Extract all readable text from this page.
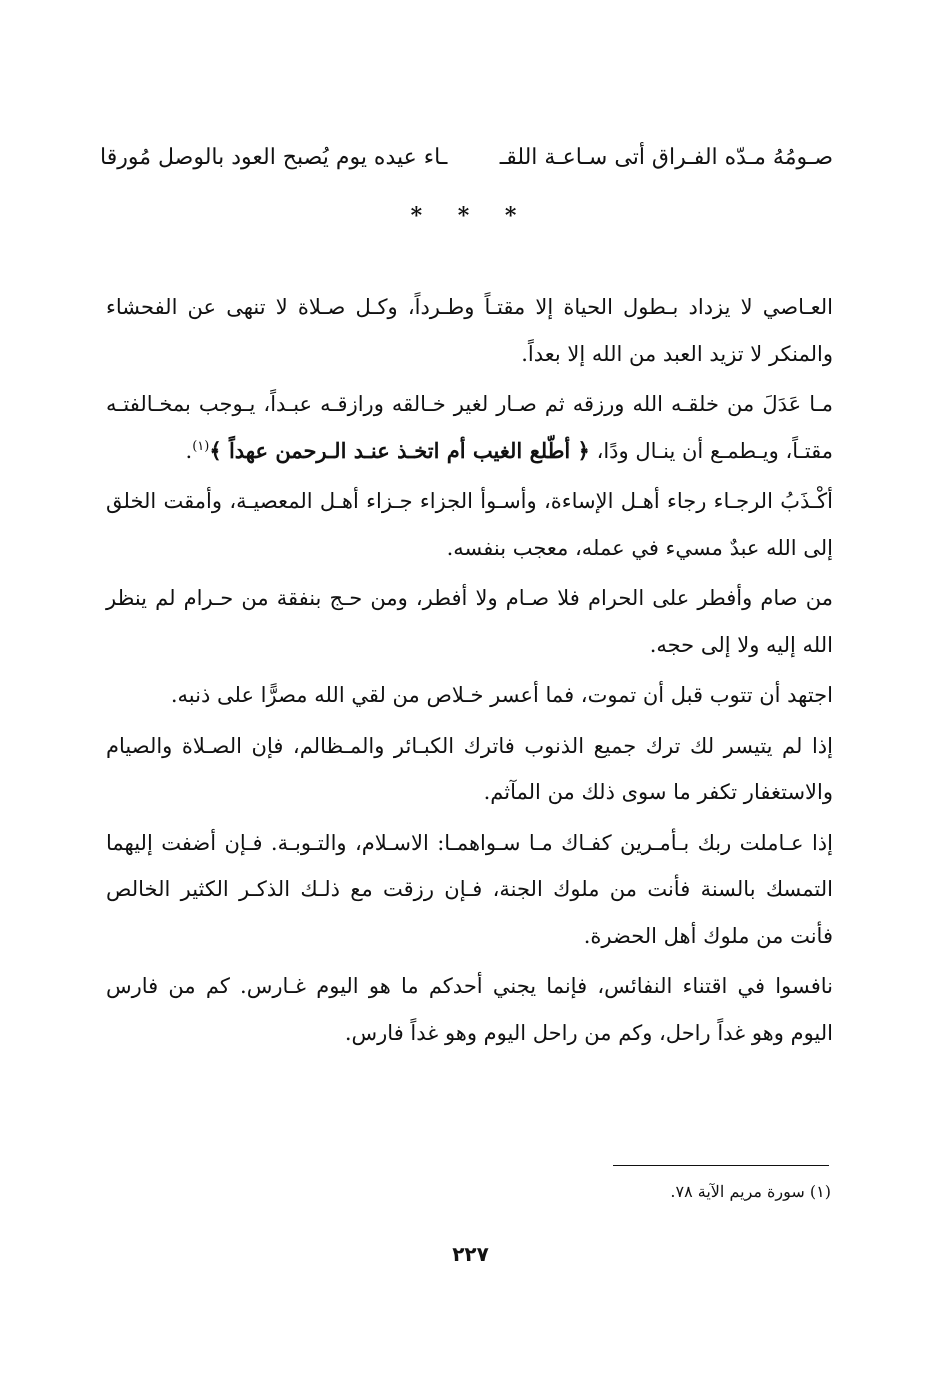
صـومُهُ مـدّه الفـراق أتى سـاعـة اللقـ
ـاء عيده يوم يُصبح العود بالوصل مُورقا
* * *

العـاصي لا يزداد بـطول الحياة إلا مقتـاً وطـرداً، وكـل صـلاة لا تنهى عن الفحشاء والمنكر لا تزيد العبد من الله إلا بعداً.

مـا عَدَلَ من خلقـه الله ورزقه ثم صـار لغير خـالقه ورازقـه عبـداً، يـوجب بمخـالفتـه مقتـاً، ويـطمـع أن ينـال ودًا، ﴿ أطّلع الغيب أم اتخـذ عنـد الـرحمن عهداً ﴾$^{(١)}$.

أكْـذَبُ الرجـاء رجاء أهـل الإساءة، وأسـوأ الجزاء جـزاء أهـل المعصيـة، وأمقت الخلق إلى الله عبدٌ مسيء في عمله، معجب بنفسه.

من صام وأفطر على الحرام فلا صـام ولا أفطر، ومن حـج بنفقة من حـرام لم ينظر الله إليه ولا إلى حجه.

اجتهد أن تتوب قبل أن تموت، فما أعسر خـلاص من لقي الله مصرًّا على ذنبه.

إذا لم يتيسر لك ترك جميع الذنوب فاترك الكبـائر والمـظالم، فإن الصـلاة والصيام والاستغفار تكفر ما سوى ذلك من المآثم.

إذا عـاملت ربك بـأمـرين كفـاك مـا سـواهمـا: الاسـلام، والتـوبـة. فـإن أضفت إليهما التمسك بالسنة فأنت من ملوك الجنة، فـإن رزقت مع ذلـك الذكـر الكثير الخالص فأنت من ملوك أهل الحضرة.

نافسوا في اقتناء النفائس، فإنما يجني أحدكم ما هو اليوم غـارس. كم من فارس اليوم وهو غداً راحل، وكم من راحل اليوم وهو غداً فارس.

(١) سورة مريم الآية ٧٨.
٢٢٧
